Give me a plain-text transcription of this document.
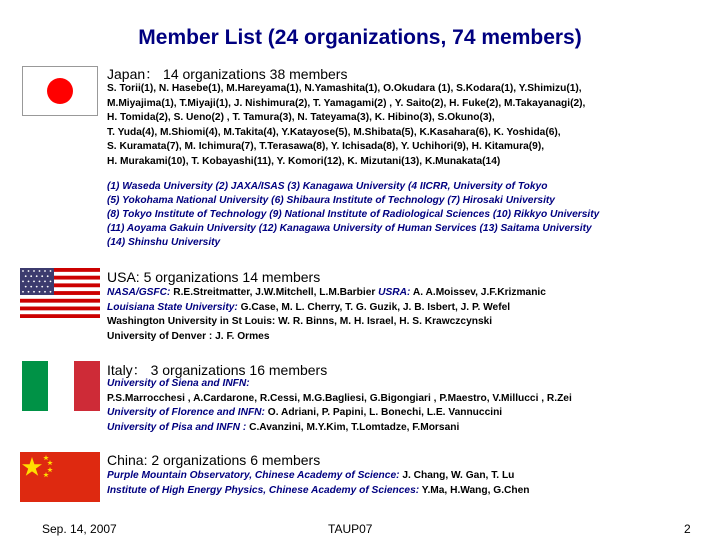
Member List (24 organizations, 74 members)
Japan： 14 organizations 38 members
S. Torii(1), N. Hasebe(1), M.Hareyama(1), N.Yamashita(1), O.Okudara (1), S.Kodara(1), Y.Shimizu(1),
M.Miyajima(1), T.Miyaji(1), J. Nishimura(2), T. Yamagami(2) , Y. Saito(2), H. Fuke(2), M.Takayanagi(2),
H. Tomida(2), S. Ueno(2) , T. Tamura(3), N. Tateyama(3), K. Hibino(3), S.Okuno(3),
T. Yuda(4), M.Shiomi(4), M.Takita(4), Y.Katayose(5), M.Shibata(5), K.Kasahara(6), K. Yoshida(6),
S. Kuramata(7), M. Ichimura(7), T.Terasawa(8), Y. Ichisada(8), Y. Uchihori(9), H. Kitamura(9),
H. Murakami(10), T. Kobayashi(11), Y. Komori(12), K. Mizutani(13), K.Munakata(14)
(1) Waseda University (2) JAXA/ISAS (3) Kanagawa University (4 IICRR, University of Tokyo
(5) Yokohama National University (6) Shibaura Institute of Technology (7) Hirosaki University
(8) Tokyo Institute of Technology (9) National Institute of Radiological Sciences (10) Rikkyo University
(11) Aoyama Gakuin University (12) Kanagawa University of Human Services (13) Saitama University
(14) Shinshu University
USA: 5 organizations 14 members
NASA/GSFC: R.E.Streitmatter, J.W.Mitchell, L.M.Barbier USRA: A. A.Moissev, J.F.Krizmanic
Louisiana State University: G.Case, M. L. Cherry, T. G. Guzik, J. B. Isbert, J. P. Wefel
Washington University in St Louis: W. R. Binns, M. H. Israel, H. S. Krawczcynski
University of Denver : J. F. Ormes
Italy： 3 organizations 16 members
University of Siena and INFN:
P.S.Marrocchesi , A.Cardarone, R.Cessi, M.G.Bagliesi, G.Bigongiari , P.Maestro, V.Millucci , R.Zei
University of Florence and INFN: O. Adriani, P. Papini, L. Bonechi, L.E. Vannuccini
University of Pisa and INFN : C.Avanzini, M.Y.Kim, T.Lomtadze, F.Morsani
China: 2 organizations 6 members
Purple Mountain Observatory, Chinese Academy of Science: J. Chang, W. Gan, T. Lu
Institute of High Energy Physics, Chinese Academy of Sciences: Y.Ma, H.Wang, G.Chen
Sep. 14, 2007	TAUP07	2
